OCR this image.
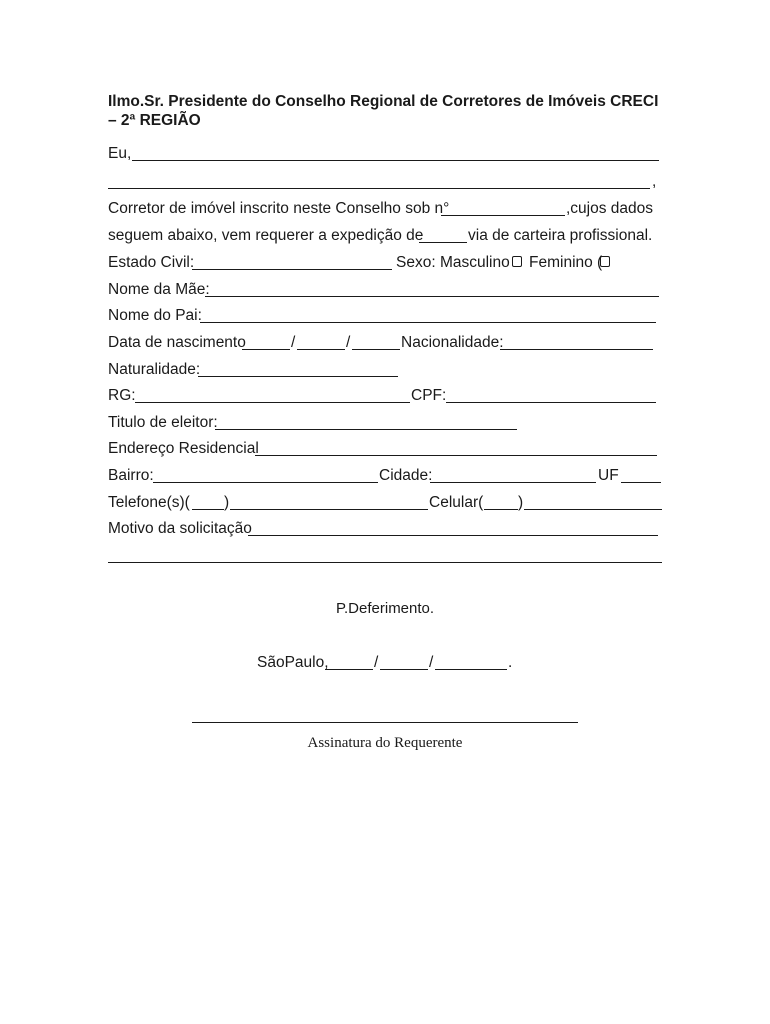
Ilmo.Sr. Presidente do Conselho Regional de Corretores de Imóveis CRECI – 2ª REGIÃO
Eu,
,
Corretor de imóvel inscrito neste Conselho sob n°	,cujos dados
seguem abaixo, vem requerer a expedição de	via de carteira profissional.
Estado Civil:	Sexo: Masculino Feminino (
Nome da Mãe:
Nome do Pai:
Data de nascimento	/	/	Nacionalidade:
Naturalidade:
RG:	CPF:
Titulo de eleitor:
Endereço Residencial
Bairro:	Cidade:	UF
Telefone(s)( )	Celular( )
Motivo da solicitação
P.Deferimento.
SãoPaulo,	/	/	.
Assinatura do Requerente
